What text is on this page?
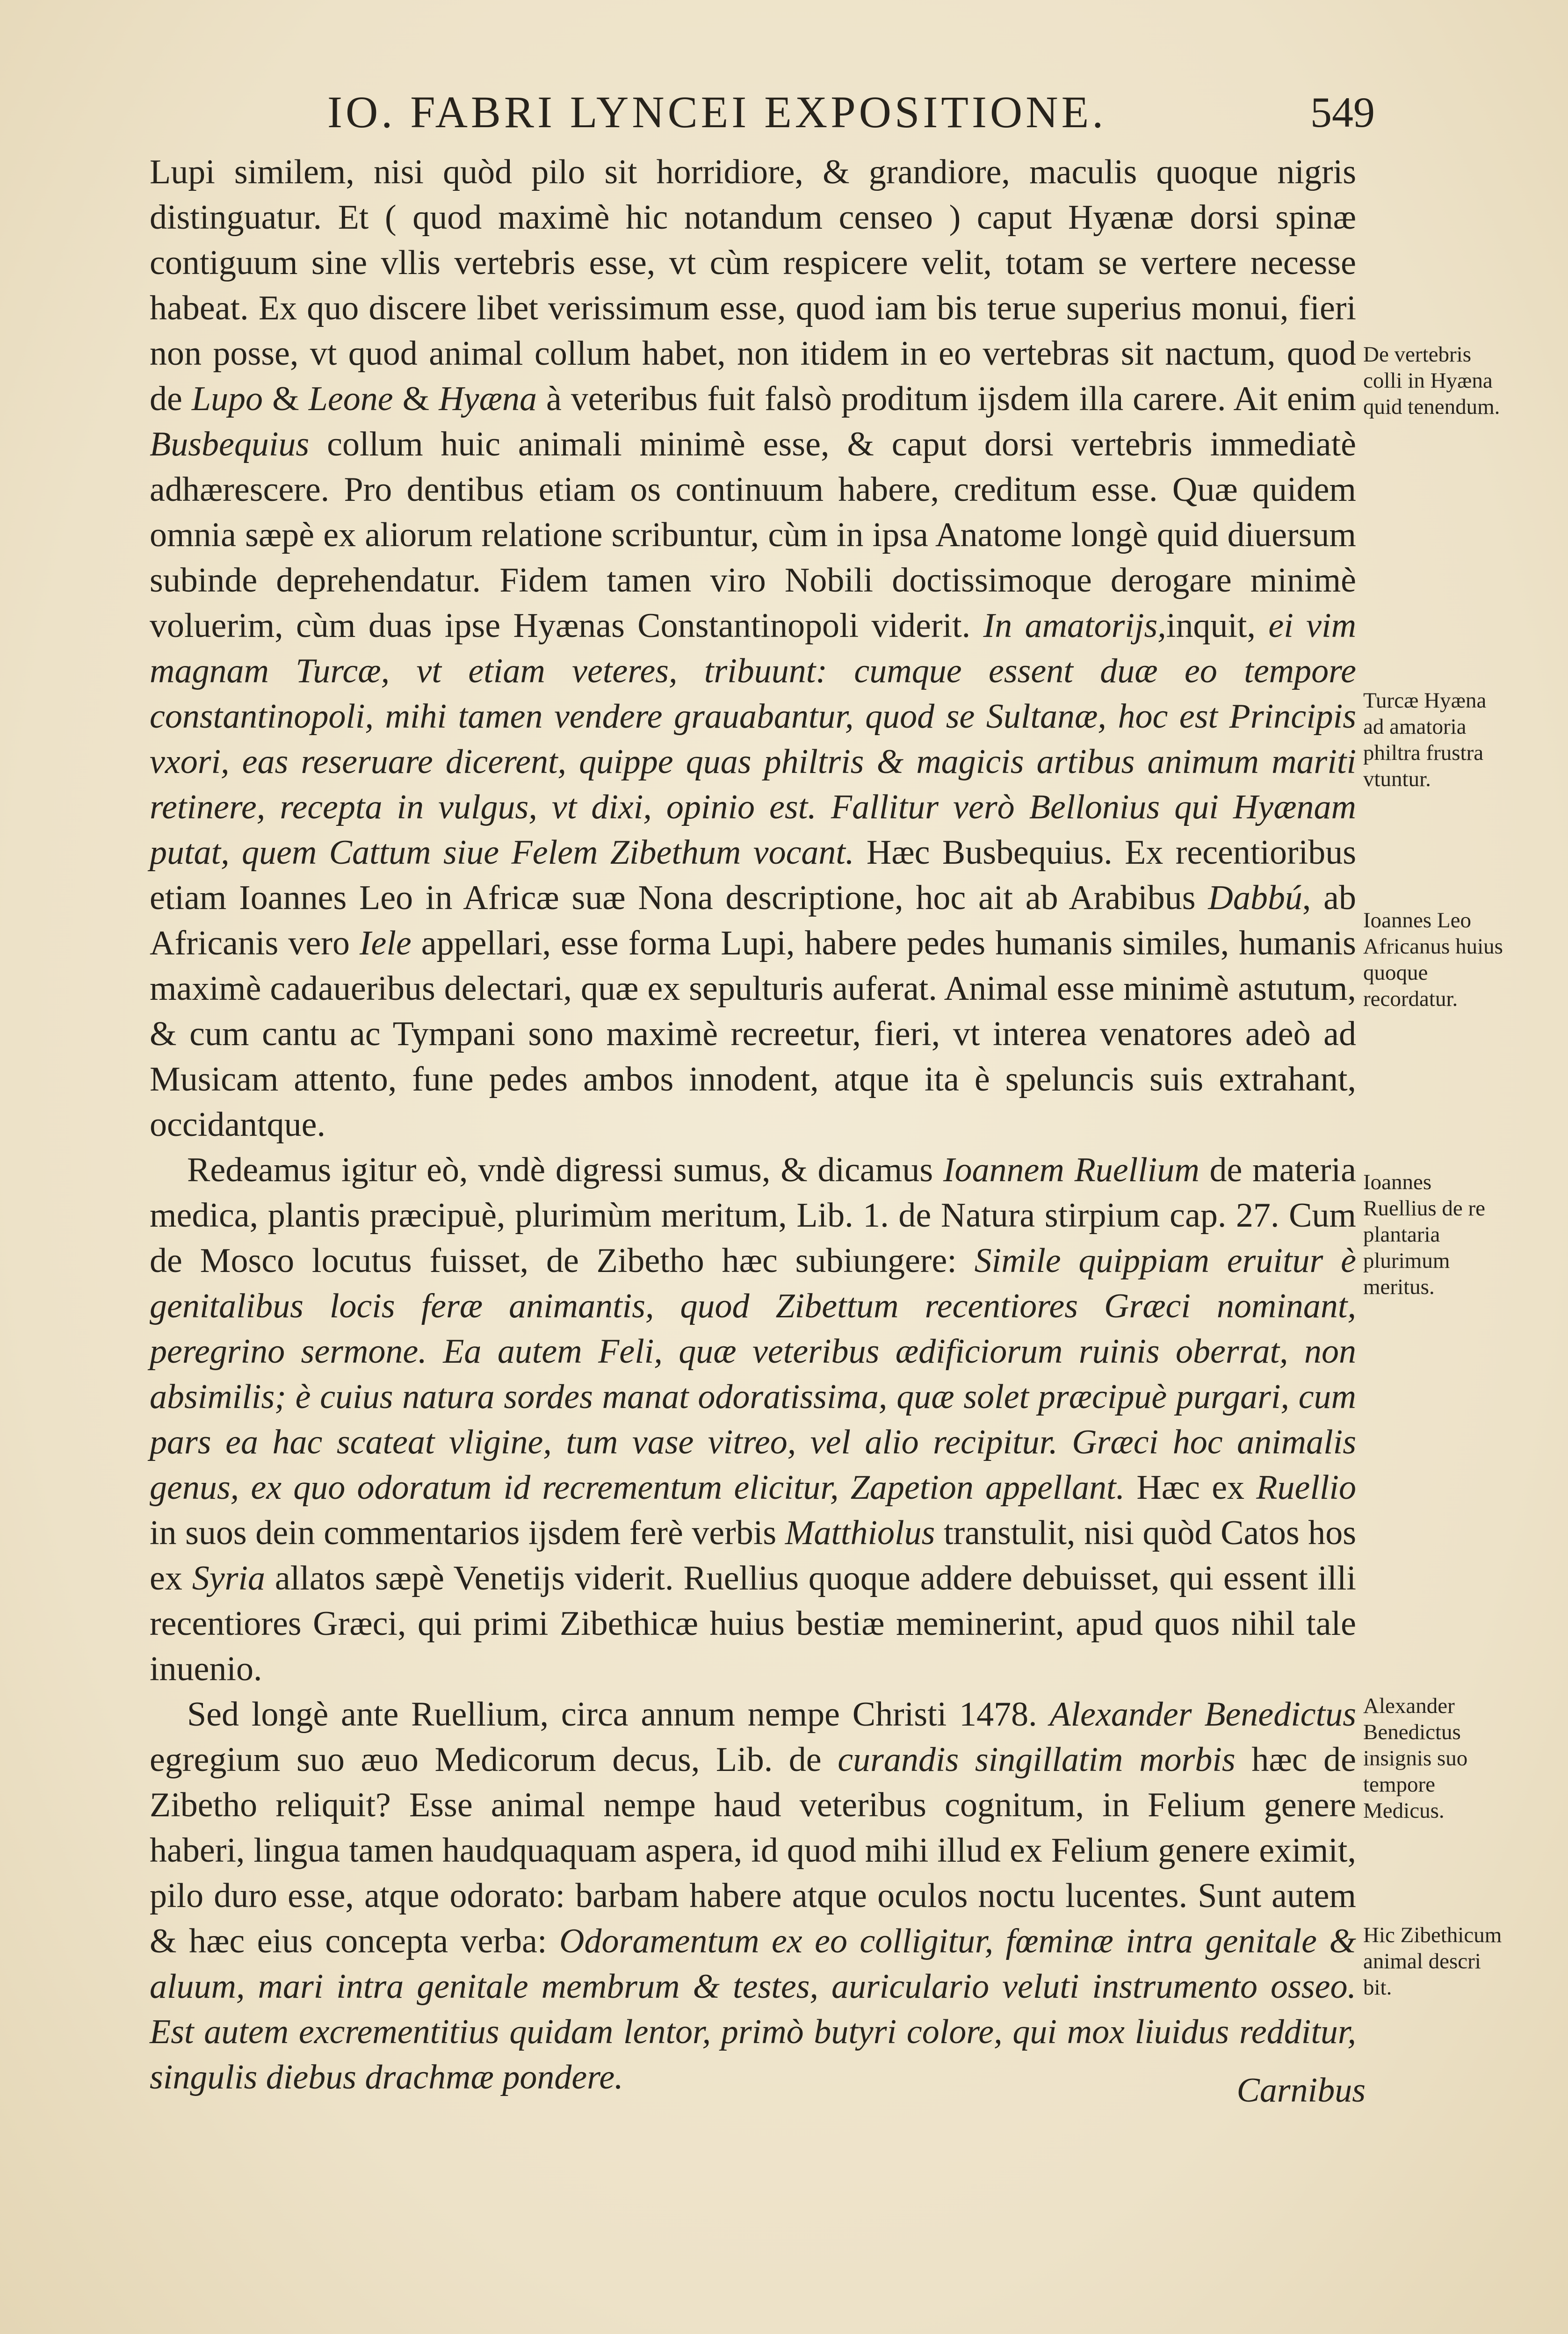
IO. FABRI LYNCEI EXPOSITIONE.	549

Lupi similem, nisi quòd pilo sit horridiore, & grandiore, maculis quoque nigris distinguatur. Et ( quod maximè hic notandum censeo ) caput Hyænæ dorsi spinæ contiguum sine vllis vertebris esse, vt cùm respicere velit, totam se vertere necesse habeat. Ex quo discere libet verissimum esse, quod iam bis terue superius monui, fieri non posse, vt quod animal collum habet, non itidem in eo vertebras sit nactum, quod de Lupo & Leone & Hyæna à veteribus fuit falsò proditum ijsdem illa carere. Ait enim Busbequius collum huic animali minimè esse, & caput dorsi vertebris immediatè adhærescere. Pro dentibus etiam os continuum habere, creditum esse. Quæ quidem omnia sæpè ex aliorum relatione scribuntur, cùm in ipsa Anatome longè quid diuersum subinde deprehendatur. Fidem tamen viro Nobili doctissimoque derogare minimè voluerim, cùm duas ipse Hyænas Constantinopoli viderit. In amatorijs,inquit, ei vim magnam Turcæ, vt etiam veteres, tribuunt: cumque essent duæ eo tempore constantinopoli, mihi tamen vendere grauabantur, quod se Sultanæ, hoc est Principis vxori, eas reseruare dicerent, quippe quas philtris & magicis artibus animum mariti retinere, recepta in vulgus, vt dixi, opinio est. Fallitur verò Bellonius qui Hyænam putat, quem Cattum siue Felem Zibethum vocant. Hæc Busbequius. Ex recentioribus etiam Ioannes Leo in Africæ suæ Nona descriptione, hoc ait ab Arabibus Dabbú, ab Africanis vero Iele appellari, esse forma Lupi, habere pedes humanis similes, humanis maximè cadaueribus delectari, quæ ex sepulturis auferat. Animal esse minimè astutum, & cum cantu ac Tympani sono maximè recreetur, fieri, vt interea venatores adeò ad Musicam attento, fune pedes ambos innodent, atque ita è speluncis suis extrahant, occidantque.

Redeamus igitur eò, vndè digressi sumus, & dicamus Ioannem Ruellium de materia medica, plantis præcipuè, plurimùm meritum, Lib. 1. de Natura stirpium cap. 27. Cum de Mosco locutus fuisset, de Zibetho hæc subiungere: Simile quippiam eruitur è genitalibus locis feræ animantis, quod Zibettum recentiores Græci nominant, peregrino sermone. Ea autem Feli, quæ veteribus ædificiorum ruinis oberrat, non absimilis; è cuius natura sordes manat odoratissima, quæ solet præcipuè purgari, cum pars ea hac scateat vligine, tum vase vitreo, vel alio recipitur. Græci hoc animalis genus, ex quo odoratum id recrementum elicitur, Zapetion appellant. Hæc ex Ruellio in suos dein commentarios ijsdem ferè verbis Matthiolus transtulit, nisi quòd Catos hos ex Syria allatos sæpè Venetijs viderit. Ruellius quoque addere debuisset, qui essent illi recentiores Græci, qui primi Zibethicæ huius bestiæ meminerint, apud quos nihil tale inuenio.

Sed longè ante Ruellium, circa annum nempe Christi 1478. Alexander Benedictus egregium suo æuo Medicorum decus, Lib. de curandis singillatim morbis hæc de Zibetho reliquit? Esse animal nempe haud veteribus cognitum, in Felium genere haberi, lingua tamen haudquaquam aspera, id quod mihi illud ex Felium genere eximit, pilo duro esse, atque odorato: barbam habere atque oculos noctu lucentes. Sunt autem & hæc eius concepta verba: Odoramentum ex eo colligitur, fœminæ intra genitale & aluum, mari intra genitale membrum & testes, auriculario veluti instrumento osseo. Est autem excrementitius quidam lentor, primò butyri colore, qui mox liuidus redditur, singulis diebus drachmæ pondere.	Carnibus
De vertebris colli in Hyæna quid tenendum.
Turcæ Hyæna ad amatoria philtra frustra vtuntur.
Ioannes Leo Africanus huius quoque recordatur.
Ioannes Ruellius de re plantaria plurimum meritus.
Alexander Benedictus insignis suo tempore Medicus.
Hic Zibethicum animal descri bit.
